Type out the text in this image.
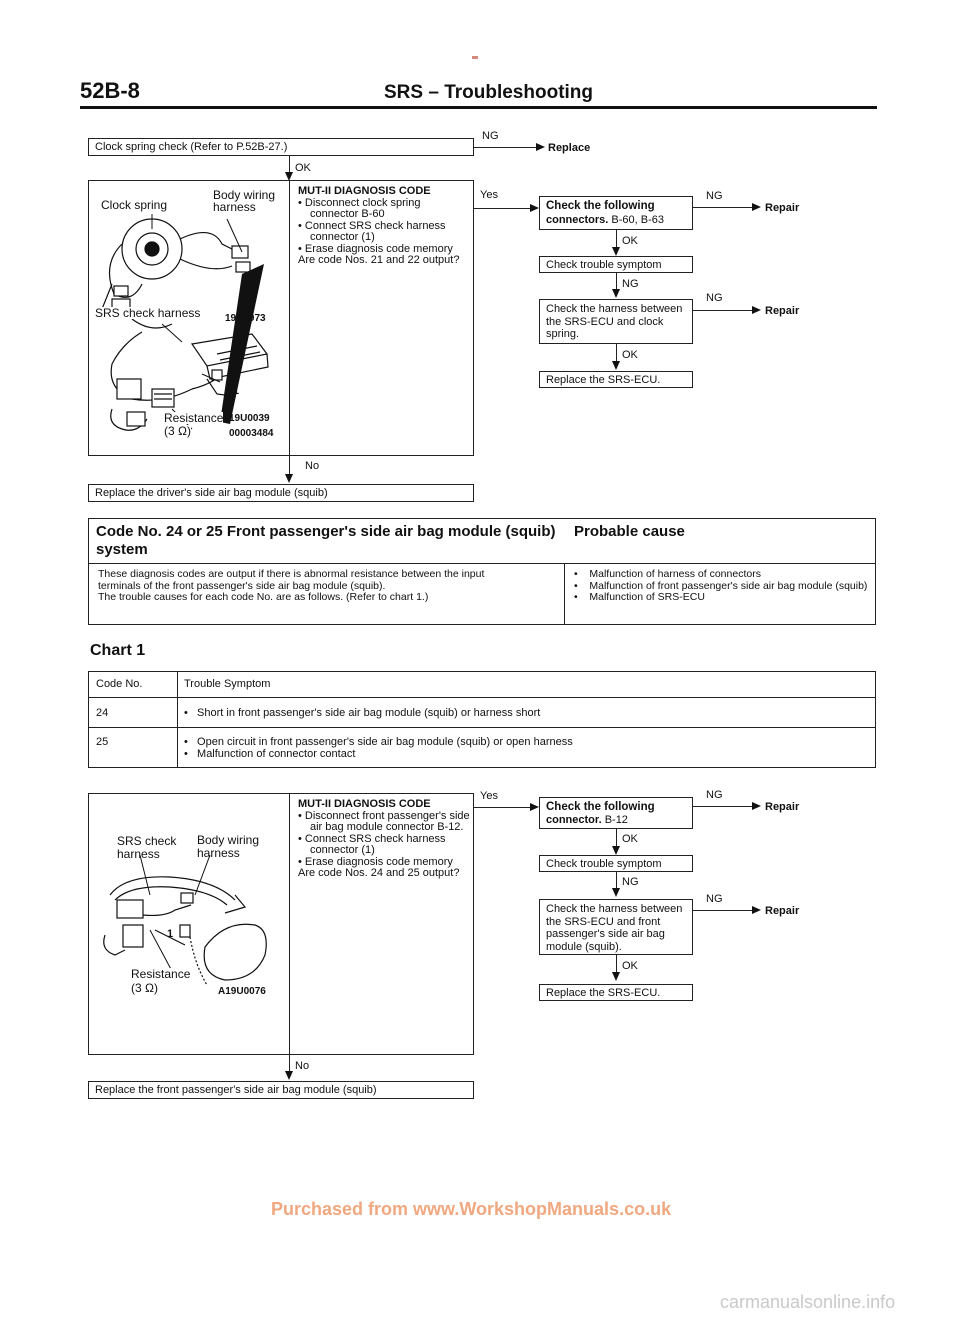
52B-8	SRS – Troubleshooting
Clock spring check (Refer to P.52B-27.)
NG
Replace
OK
Clock spring
Body wiring
harness
SRS check harness 19U0073
1
Resistance
(3 Ω)
19U0039
00003484
MUT-II DIAGNOSIS CODE
• Disconnect clock spring connector B-60
• Connect SRS check harness connector (1)
• Erase diagnosis code memory
Are code Nos. 21 and 22 output?
Yes
Check the following
connectors. B-60, B-63
NG
Repair
OK
Check trouble symptom
NG
Check the harness between the SRS-ECU and clock spring.
NG
Repair
OK
Replace the SRS-ECU.
No
Replace the driver's side air bag module (squib)
Code No. 24 or 25 Front passenger's side air bag module (squib) system
Probable cause
These diagnosis codes are output if there is abnormal resistance between the input
terminals of the front passenger's side air bag module (squib).
The trouble causes for each code No. are as follows. (Refer to chart 1.)
•    Malfunction of harness of connectors
•    Malfunction of front passenger's side air bag module (squib)
•    Malfunction of SRS-ECU
Chart 1
Code No.	Trouble Symptom
24	•   Short in front passenger's side air bag module (squib) or harness short
25	•   Open circuit in front passenger's side air bag module (squib) or open harness
•   Malfunction of connector contact
SRS check
harness
Body wiring
harness
1
Resistance
(3 Ω)	A19U0076
MUT-II DIAGNOSIS CODE
• Disconnect front passenger's side air bag module connector B-12.
• Connect SRS check harness connector (1)
• Erase diagnosis code memory
Are code Nos. 24 and 25 output?
Yes
Check the following
connector. B-12
NG
Repair
OK
Check trouble symptom
NG
Check the harness between the SRS-ECU and front passenger's side air bag module (squib).
NG
Repair
OK
Replace the SRS-ECU.
No
Replace the front passenger's side air bag module (squib)
Purchased from www.WorkshopManuals.co.uk
carmanualsonline.info
